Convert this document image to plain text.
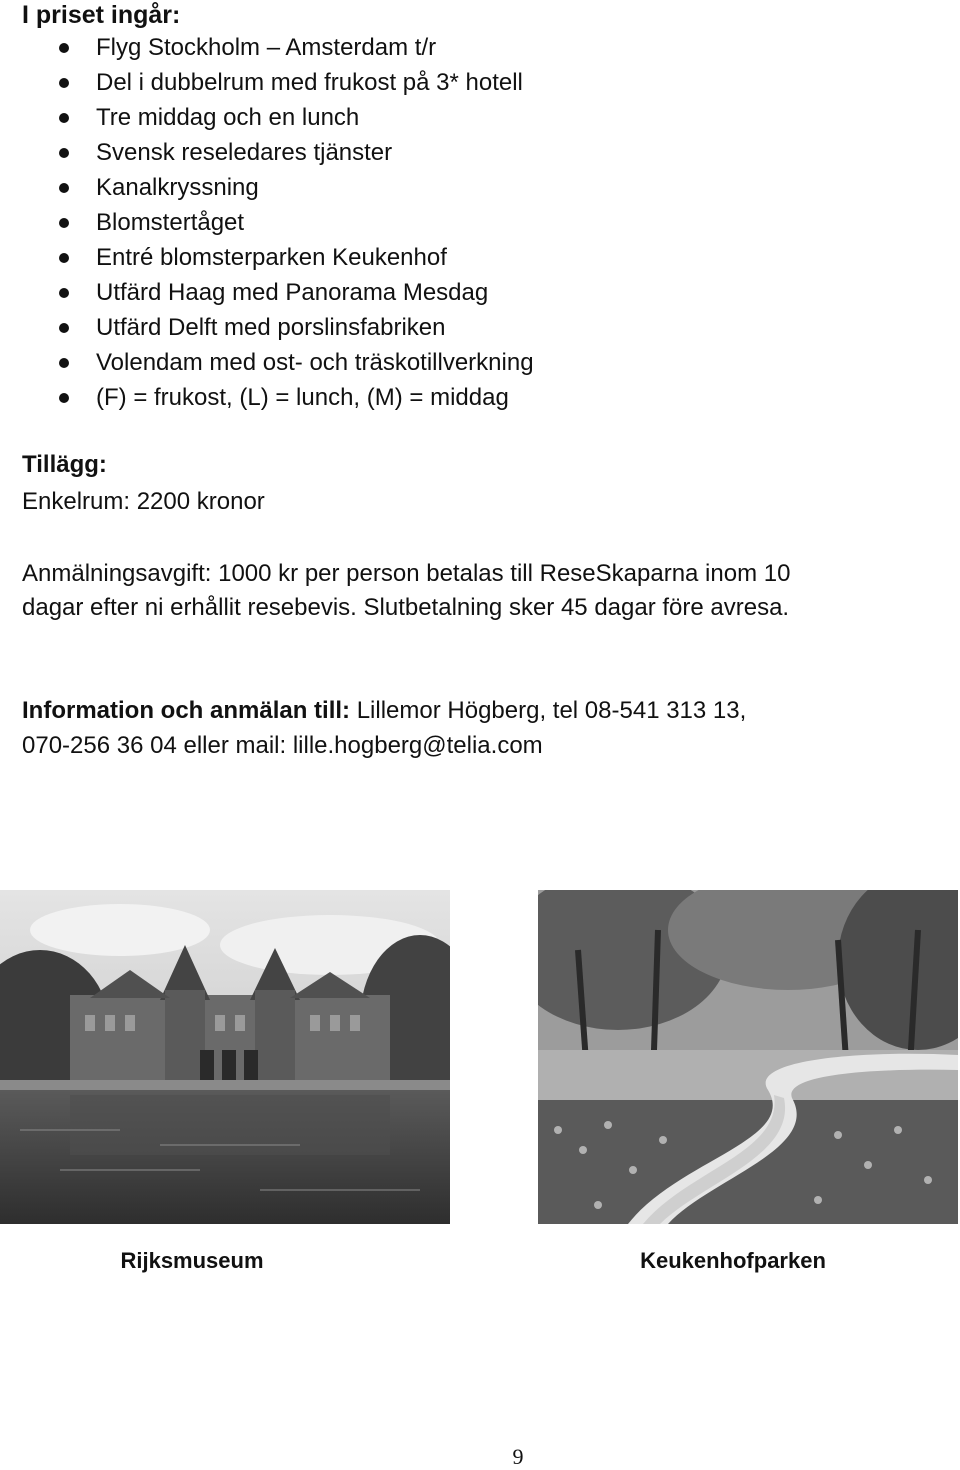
I priset ingår:
Flyg Stockholm – Amsterdam t/r
Del i dubbelrum med frukost på 3* hotell
Tre middag och en lunch
Svensk reseledares tjänster
Kanalkryssning
Blomstertåget
Entré blomsterparken Keukenhof
Utfärd Haag med Panorama Mesdag
Utfärd Delft med porslinsfabriken
Volendam med ost- och träskotillverkning
(F) = frukost, (L) = lunch, (M) = middag
Tillägg:

Enkelrum: 2200 kronor

Anmälningsavgift: 1000 kr per person betalas till ReseSkaparna inom 10

dagar efter ni erhållit resebevis. Slutbetalning sker 45 dagar före avresa.

Information och anmälan till: Lillemor Högberg, tel 08-541 313 13,

070-256 36 04 eller mail: lille.hogberg@telia.com

Rijksmuseum	Keukenhofparken

9
